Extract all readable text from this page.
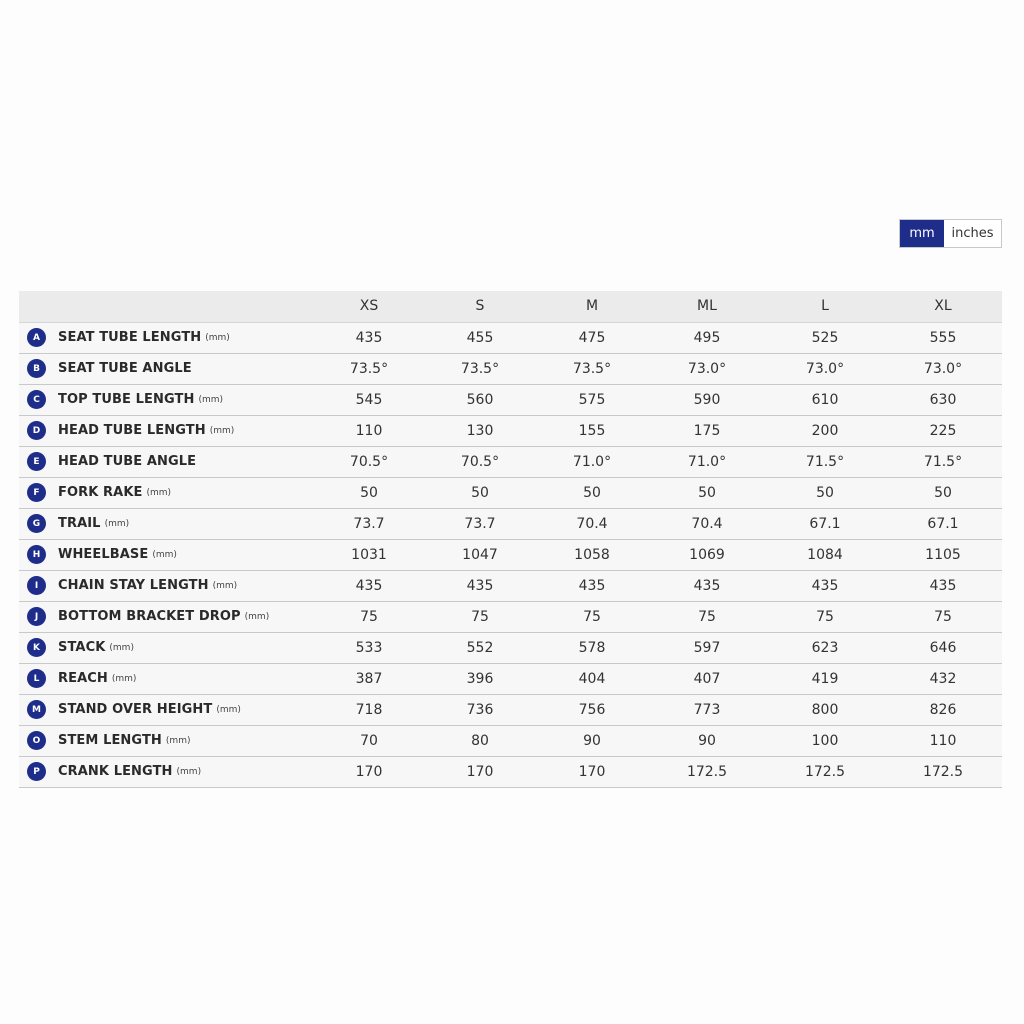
mm	inches
	XS	S	M	ML	L	XL

A SEAT TUBE LENGTH (mm)	435	455	475	495	525	555

B SEAT TUBE ANGLE	73.5°	73.5°	73.5°	73.0°	73.0°	73.0°

C TOP TUBE LENGTH (mm)	545	560	575	590	610	630

D HEAD TUBE LENGTH (mm)	110	130	155	175	200	225

E HEAD TUBE ANGLE	70.5°	70.5°	71.0°	71.0°	71.5°	71.5°

F FORK RAKE (mm)	50	50	50	50	50	50

G TRAIL (mm)	73.7	73.7	70.4	70.4	67.1	67.1

H WHEELBASE (mm)	1031	1047	1058	1069	1084	1105

I CHAIN STAY LENGTH (mm)	435	435	435	435	435	435

J BOTTOM BRACKET DROP (mm)	75	75	75	75	75	75

K STACK (mm)	533	552	578	597	623	646

L REACH (mm)	387	396	404	407	419	432

M STAND OVER HEIGHT (mm)	718	736	756	773	800	826

O STEM LENGTH (mm)	70	80	90	90	100	110

P CRANK LENGTH (mm)	170	170	170	172.5	172.5	172.5
